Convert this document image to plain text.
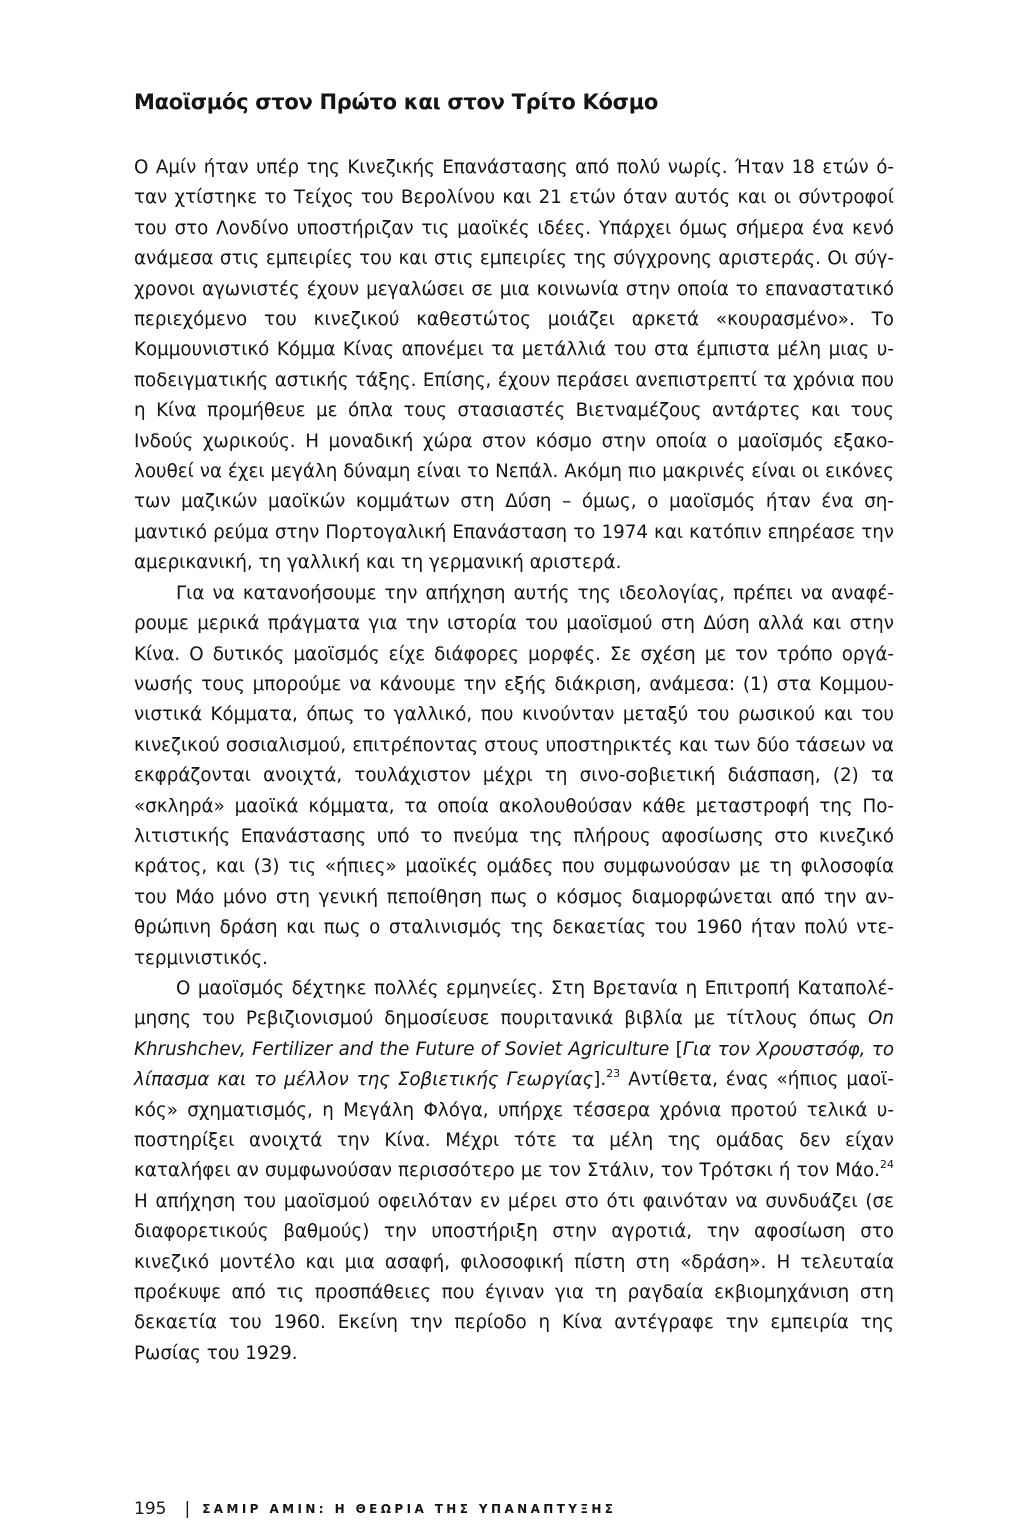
Μαοϊσμός στον Πρώτο και στον Τρίτο Κόσμο

Ο Αμίν ήταν υπέρ της Κινεζικής Επανάστασης από πολύ νωρίς. Ήταν 18 ετών όταν χτίστηκε το Τείχος του Βερολίνου και 21 ετών όταν αυτός και οι σύντροφοί του στο Λονδίνο υποστήριζαν τις μαοϊκές ιδέες. Υπάρχει όμως σήμερα ένα κενό ανάμεσα στις εμπειρίες του και στις εμπειρίες της σύγχρονης αριστεράς. Οι σύγχρονοι αγωνιστές έχουν μεγαλώσει σε μια κοινωνία στην οποία το επαναστατικό περιεχόμενο του κινεζικού καθεστώτος μοιάζει αρκετά «κουρασμένο». Το Κομμουνιστικό Κόμμα Κίνας απονέμει τα μετάλλιά του στα έμπιστα μέλη μιας υποδειγματικής αστικής τάξης. Επίσης, έχουν περάσει ανεπιστρεπτί τα χρόνια που η Κίνα προμήθευε με όπλα τους στασιαστές Βιετναμέζους αντάρτες και τους Ινδούς χωρικούς. Η μοναδική χώρα στον κόσμο στην οποία ο μαοϊσμός εξακολουθεί να έχει μεγάλη δύναμη είναι το Νεπάλ. Ακόμη πιο μακρινές είναι οι εικόνες των μαζικών μαοϊκών κομμάτων στη Δύση – όμως, ο μαοϊσμός ήταν ένα σημαντικό ρεύμα στην Πορτογαλική Επανάσταση το 1974 και κατόπιν επηρέασε την αμερικανική, τη γαλλική και τη γερμανική αριστερά.

Για να κατανοήσουμε την απήχηση αυτής της ιδεολογίας, πρέπει να αναφέρουμε μερικά πράγματα για την ιστορία του μαοϊσμού στη Δύση αλλά και στην Κίνα. Ο δυτικός μαοϊσμός είχε διάφορες μορφές. Σε σχέση με τον τρόπο οργάνωσής τους μπορούμε να κάνουμε την εξής διάκριση, ανάμεσα: (1) στα Κομμουνιστικά Κόμματα, όπως το γαλλικό, που κινούνταν μεταξύ του ρωσικού και του κινεζικού σοσιαλισμού, επιτρέποντας στους υποστηρικτές και των δύο τάσεων να εκφράζονται ανοιχτά, τουλάχιστον μέχρι τη σινο-σοβιετική διάσπαση, (2) τα «σκληρά» μαοϊκά κόμματα, τα οποία ακολουθούσαν κάθε μεταστροφή της Πολιτιστικής Επανάστασης υπό το πνεύμα της πλήρους αφοσίωσης στο κινεζικό κράτος, και (3) τις «ήπιες» μαοϊκές ομάδες που συμφωνούσαν με τη φιλοσοφία του Μάο μόνο στη γενική πεποίθηση πως ο κόσμος διαμορφώνεται από την ανθρώπινη δράση και πως ο σταλινισμός της δεκαετίας του 1960 ήταν πολύ ντετερμινιστικός.

Ο μαοϊσμός δέχτηκε πολλές ερμηνείες. Στη Βρετανία η Επιτροπή Καταπολέμησης του Ρεβιζιονισμού δημοσίευσε πουριτανικά βιβλία με τίτλους όπως On Khrushchev, Fertilizer and the Future of Soviet Agriculture [Για τον Χρουστσόφ, το λίπασμα και το μέλλον της Σοβιετικής Γεωργίας].$^{23}$ Αντίθετα, ένας «ήπιος μαοϊκός» σχηματισμός, η Μεγάλη Φλόγα, υπήρχε τέσσερα χρόνια προτού τελικά υποστηρίξει ανοιχτά την Κίνα. Μέχρι τότε τα μέλη της ομάδας δεν είχαν καταλήφει αν συμφωνούσαν περισσότερο με τον Στάλιν, τον Τρότσκι ή τον Μάο.$^{24}$ Η απήχηση του μαοϊσμού οφειλόταν εν μέρει στο ότι φαινόταν να συνδυάζει (σε διαφορετικούς βαθμούς) την υποστήριξη στην αγροτιά, την αφοσίωση στο κινεζικό μοντέλο και μια ασαφή, φιλοσοφική πίστη στη «δράση». Η τελευταία προέκυψε από τις προσπάθειες που έγιναν για τη ραγδαία εκβιομηχάνιση στη δεκαετία του 1960. Εκείνη την περίοδο η Κίνα αντέγραφε την εμπειρία της Ρωσίας του 1929.

195 | ΣΑΜΙΡ ΑΜΙΝ: Η ΘΕΩΡΙΑ ΤΗΣ ΥΠΑΝΑΠΤΥΞΗΣ
